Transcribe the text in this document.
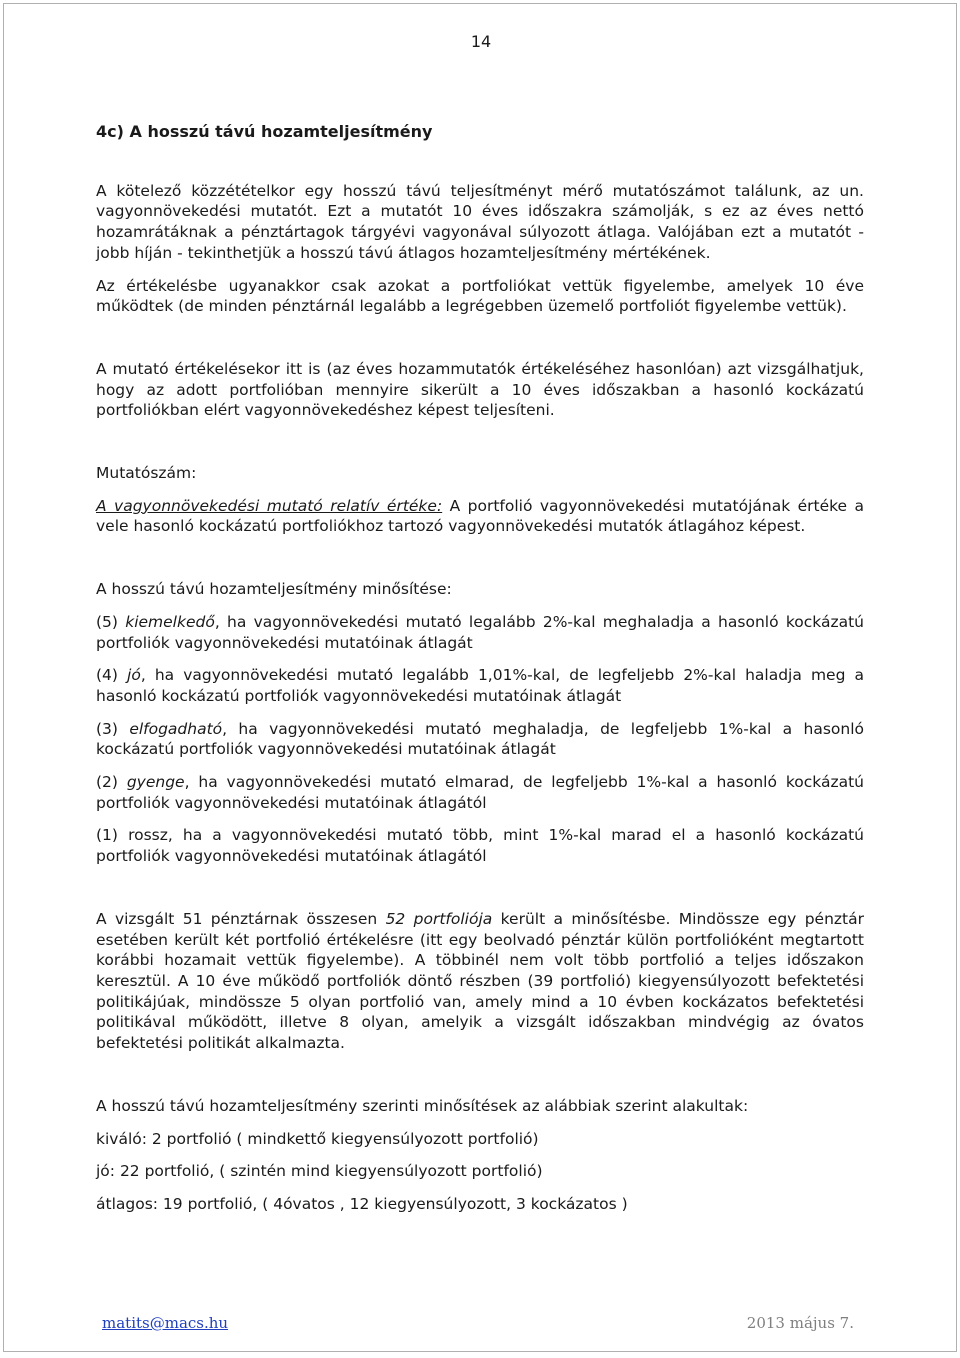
14
4c) A hosszú távú hozamteljesítmény

A kötelező közzétételkor egy hosszú távú teljesítményt mérő mutatószámot találunk, az un. vagyonnövekedési mutatót. Ezt a mutatót 10 éves időszakra számolják, s ez az éves nettó hozamrátáknak a pénztártagok tárgyévi vagyonával súlyozott átlaga. Valójában ezt a mutatót - jobb híján - tekinthetjük a hosszú távú átlagos hozamteljesítmény mértékének.

Az értékelésbe ugyanakkor csak azokat a portfoliókat vettük figyelembe, amelyek 10 éve működtek (de minden pénztárnál legalább a legrégebben üzemelő portfoliót figyelembe vettük).

A mutató értékelésekor itt is (az éves hozammutatók értékeléséhez hasonlóan) azt vizsgálhatjuk, hogy az adott portfolióban mennyire sikerült a 10 éves időszakban a hasonló kockázatú portfoliókban elért vagyonnövekedéshez képest teljesíteni.

Mutatószám:

A vagyonnövekedési mutató relatív értéke: A portfolió vagyonnövekedési mutatójának értéke a vele hasonló kockázatú portfoliókhoz tartozó vagyonnövekedési mutatók átlagához képest.

A hosszú távú hozamteljesítmény minősítése:

(5) kiemelkedő, ha vagyonnövekedési mutató legalább 2%-kal meghaladja a hasonló kockázatú portfoliók vagyonnövekedési mutatóinak átlagát

(4) jó, ha vagyonnövekedési mutató legalább 1,01%-kal, de legfeljebb 2%-kal haladja meg a hasonló kockázatú portfoliók vagyonnövekedési mutatóinak átlagát

(3) elfogadható, ha vagyonnövekedési mutató meghaladja, de legfeljebb 1%-kal a hasonló kockázatú portfoliók vagyonnövekedési mutatóinak átlagát

(2) gyenge, ha vagyonnövekedési mutató elmarad, de legfeljebb 1%-kal a hasonló kockázatú portfoliók vagyonnövekedési mutatóinak átlagától

(1) rossz, ha a vagyonnövekedési mutató több, mint 1%-kal marad el a hasonló kockázatú portfoliók vagyonnövekedési mutatóinak átlagától

A vizsgált 51 pénztárnak összesen 52 portfoliója került a minősítésbe. Mindössze egy pénztár esetében került két portfolió értékelésre (itt egy beolvadó pénztár külön portfolióként megtartott korábbi hozamait vettük figyelembe). A többinél nem volt több portfolió a teljes időszakon keresztül. A 10 éve működő portfoliók döntő részben (39 portfolió) kiegyensúlyozott befektetési politikájúak, mindössze 5 olyan portfolió van, amely mind a 10 évben kockázatos befektetési politikával működött, illetve 8 olyan, amelyik a vizsgált időszakban mindvégig az óvatos befektetési politikát alkalmazta.

A hosszú távú hozamteljesítmény szerinti minősítések az alábbiak szerint alakultak:

kiváló: 2 portfolió ( mindkettő kiegyensúlyozott portfolió)

jó: 22 portfolió, ( szintén mind kiegyensúlyozott portfolió)

átlagos: 19 portfolió, ( 4óvatos , 12 kiegyensúlyozott, 3 kockázatos )

matits@macs.hu	2013 május 7.
